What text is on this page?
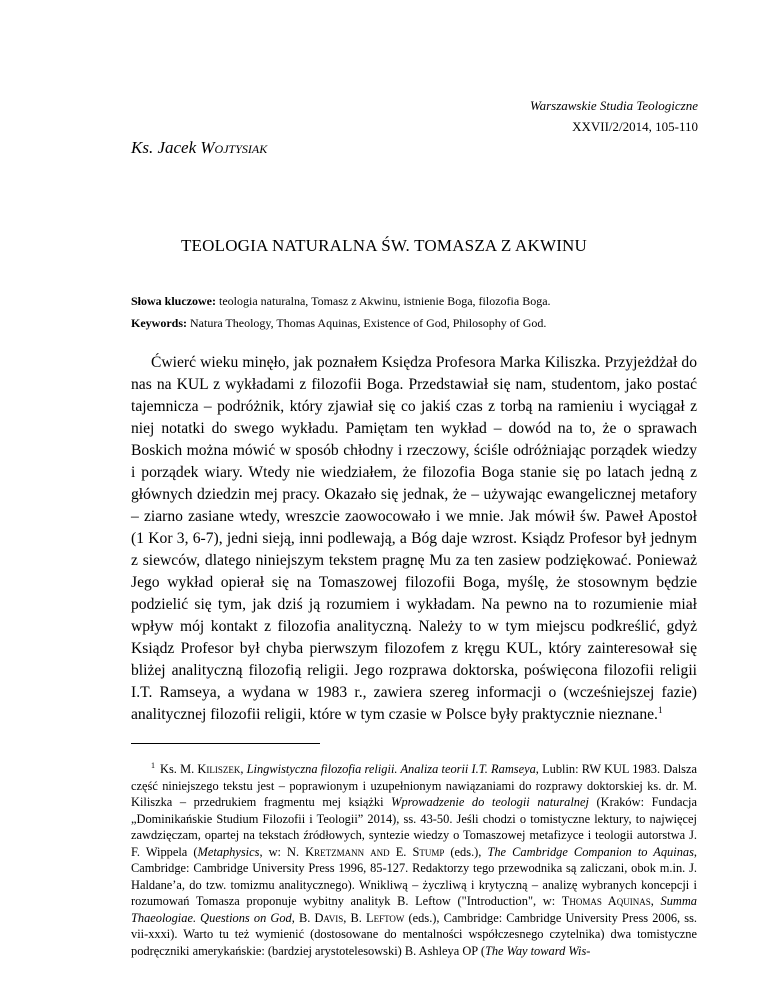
Warszawskie Studia Teologiczne
XXVII/2/2014, 105-110
Ks. Jacek Wojtysiak
TEOLOGIA NATURALNA ŚW. TOMASZA Z AKWINU
Słowa kluczowe: teologia naturalna, Tomasz z Akwinu, istnienie Boga, filozofia Boga.
Keywords: Natura Theology, Thomas Aquinas, Existence of God, Philosophy of God.

Ćwierć wieku minęło, jak poznałem Księdza Profesora Marka Kiliszka. Przyjeżdżał do nas na KUL z wykładami z filozofii Boga. Przedstawiał się nam, studentom, jako postać tajemnicza – podróżnik, który zjawiał się co jakiś czas z torbą na ramieniu i wyciągał z niej notatki do swego wykładu. Pamiętam ten wykład – dowód na to, że o sprawach Boskich można mówić w sposób chłodny i rzeczowy, ściśle odróżniając porządek wiedzy i porządek wiary. Wtedy nie wiedziałem, że filozofia Boga stanie się po latach jedną z głównych dziedzin mej pracy. Okazało się jednak, że – używając ewangelicznej metafory – ziarno zasiane wtedy, wreszcie zaowocowało i we mnie. Jak mówił św. Paweł Apostoł (1 Kor 3, 6-7), jedni sieją, inni podlewają, a Bóg daje wzrost. Ksiądz Profesor był jednym z siewców, dlatego niniejszym tekstem pragnę Mu za ten zasiew podziękować. Ponieważ Jego wykład opierał się na Tomaszowej filozofii Boga, myślę, że stosownym będzie podzielić się tym, jak dziś ją rozumiem i wykładam. Na pewno na to rozumienie miał wpływ mój kontakt z filozofia analityczną. Należy to w tym miejscu podkreślić, gdyż Ksiądz Profesor był chyba pierwszym filozofem z kręgu KUL, który zainteresował się bliżej analityczną filozofią religii. Jego rozprawa doktorska, poświęcona filozofii religii I.T. Ramseya, a wydana w 1983 r., zawiera szereg informacji o (wcześniejszej fazie) analitycznej filozofii religii, które w tym czasie w Polsce były praktycznie nieznane.$^1$

$^1$ Ks. M. Kiliszek, Lingwistyczna filozofia religii. Analiza teorii I.T. Ramseya, Lublin: RW KUL 1983. Dalsza część niniejszego tekstu jest – poprawionym i uzupełnionym nawiązaniami do rozprawy doktorskiej ks. dr. M. Kiliszka – przedrukiem fragmentu mej książki Wprowadzenie do teologii naturalnej (Kraków: Fundacja „Dominikańskie Studium Filozofii i Teologii” 2014), ss. 43-50. Jeśli chodzi o tomistyczne lektury, to najwięcej zawdzięczam, opartej na tekstach źródłowych, syntezie wiedzy o Tomaszowej metafizyce i teologii autorstwa J. F. Wippela (Metaphysics, w: N. Kretzmann and E. Stump (eds.), The Cambridge Companion to Aquinas, Cambridge: Cambridge University Press 1996, 85-127. Redaktorzy tego przewodnika są zaliczani, obok m.in. J. Haldane’a, do tzw. tomizmu analitycznego). Wnikliwą – życzliwą i krytyczną – analizę wybranych koncepcji i rozumowań Tomasza proponuje wybitny analityk B. Leftow ("Introduction", w: Thomas Aquinas, Summa Thaeologiae. Questions on God, B. Davis, B. Leftow (eds.), Cambridge: Cambridge University Press 2006, ss. vii-xxxi). Warto tu też wymienić (dostosowane do mentalności współczesnego czytelnika) dwa tomistyczne podręczniki amerykańskie: (bardziej arystotelesowski) B. Ashleya OP (The Way toward Wis-
